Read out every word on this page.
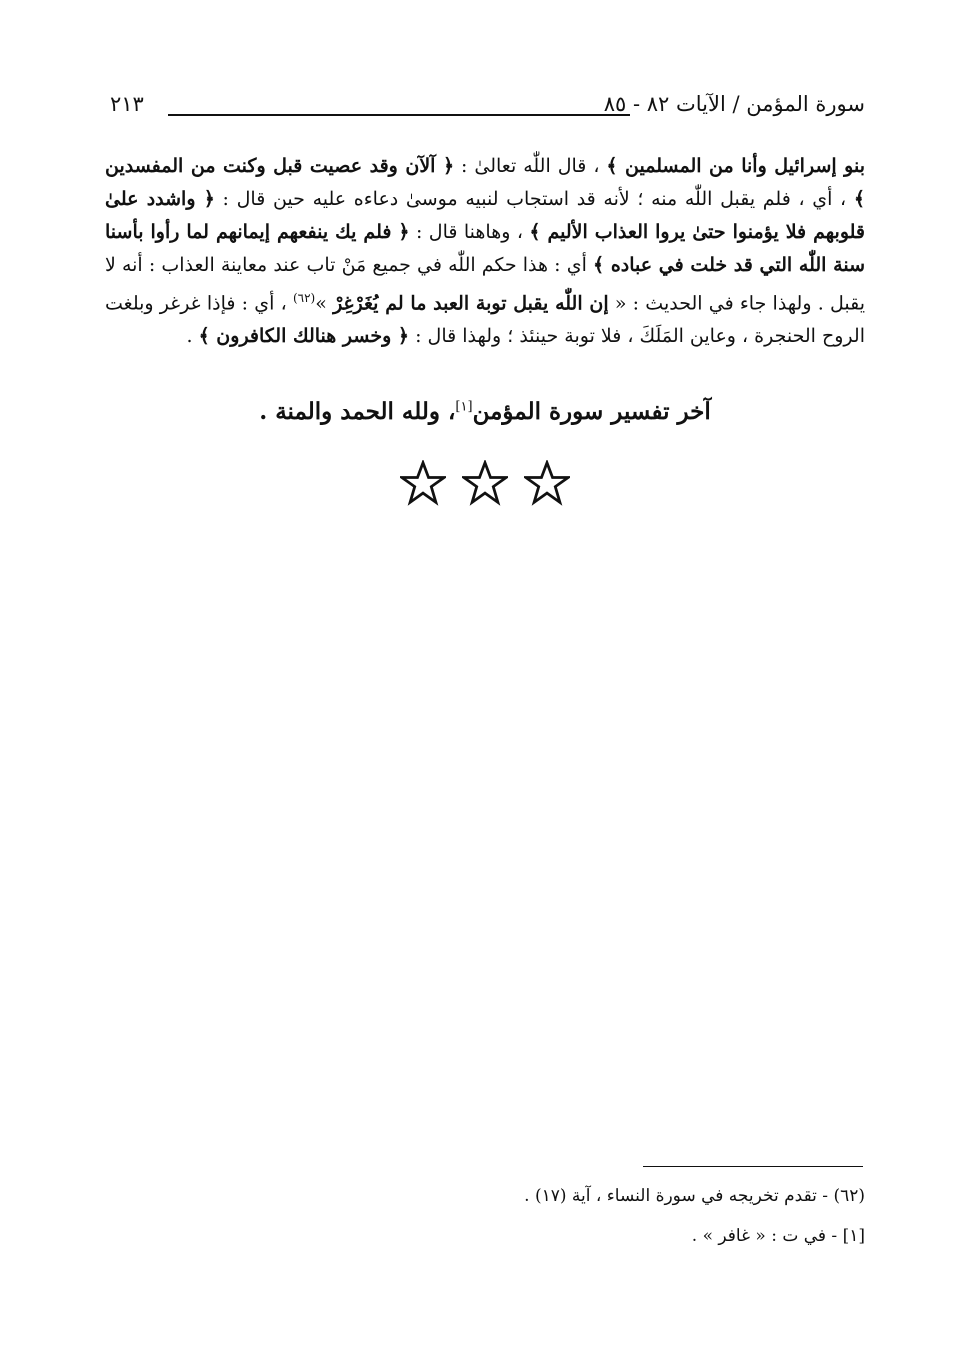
سورة المؤمن / الآيات ٨٢ - ٨٥
٢١٣
بنو إسرائيل وأنا من المسلمين ﴾ ، قال اللّٰه تعالىٰ : ﴿ آلآن وقد عصيت قبل وكنت من المفسدين ﴾ ، أي ، فلم يقبل اللّٰه منه ؛ لأنه قد استجاب لنبيه موسىٰ دعاءه عليه حين قال : ﴿ واشدد علىٰ قلوبهم فلا يؤمنوا حتىٰ يروا العذاب الأليم ﴾ ، وهاهنا قال : ﴿ فلم يك ينفعهم إيمانهم لما رأوا بأسنا سنة اللّٰه التي قد خلت في عباده ﴾ أي : هذا حكم اللّٰه في جميع مَنْ تاب عند معاينة العذاب : أنه لا يقبل . ولهذا جاء في الحديث : « إن اللّٰه يقبل توبة العبد ما لم يُغَرْغِرْ »$^{(٦٢)}$ ، أي : فإذا غرغر وبلغت الروح الحنجرة ، وعاين المَلَكَ ، فلا توبة حينئذ ؛ ولهذا قال : ﴿ وخسر هنالك الكافرون ﴾ .
آخر تفسير سورة المؤمن[١]، ولله الحمد والمنة .
(٦٢) - تقدم تخريجه في سورة النساء ، آية (١٧) .
[١] - في ت : « غافر » .
